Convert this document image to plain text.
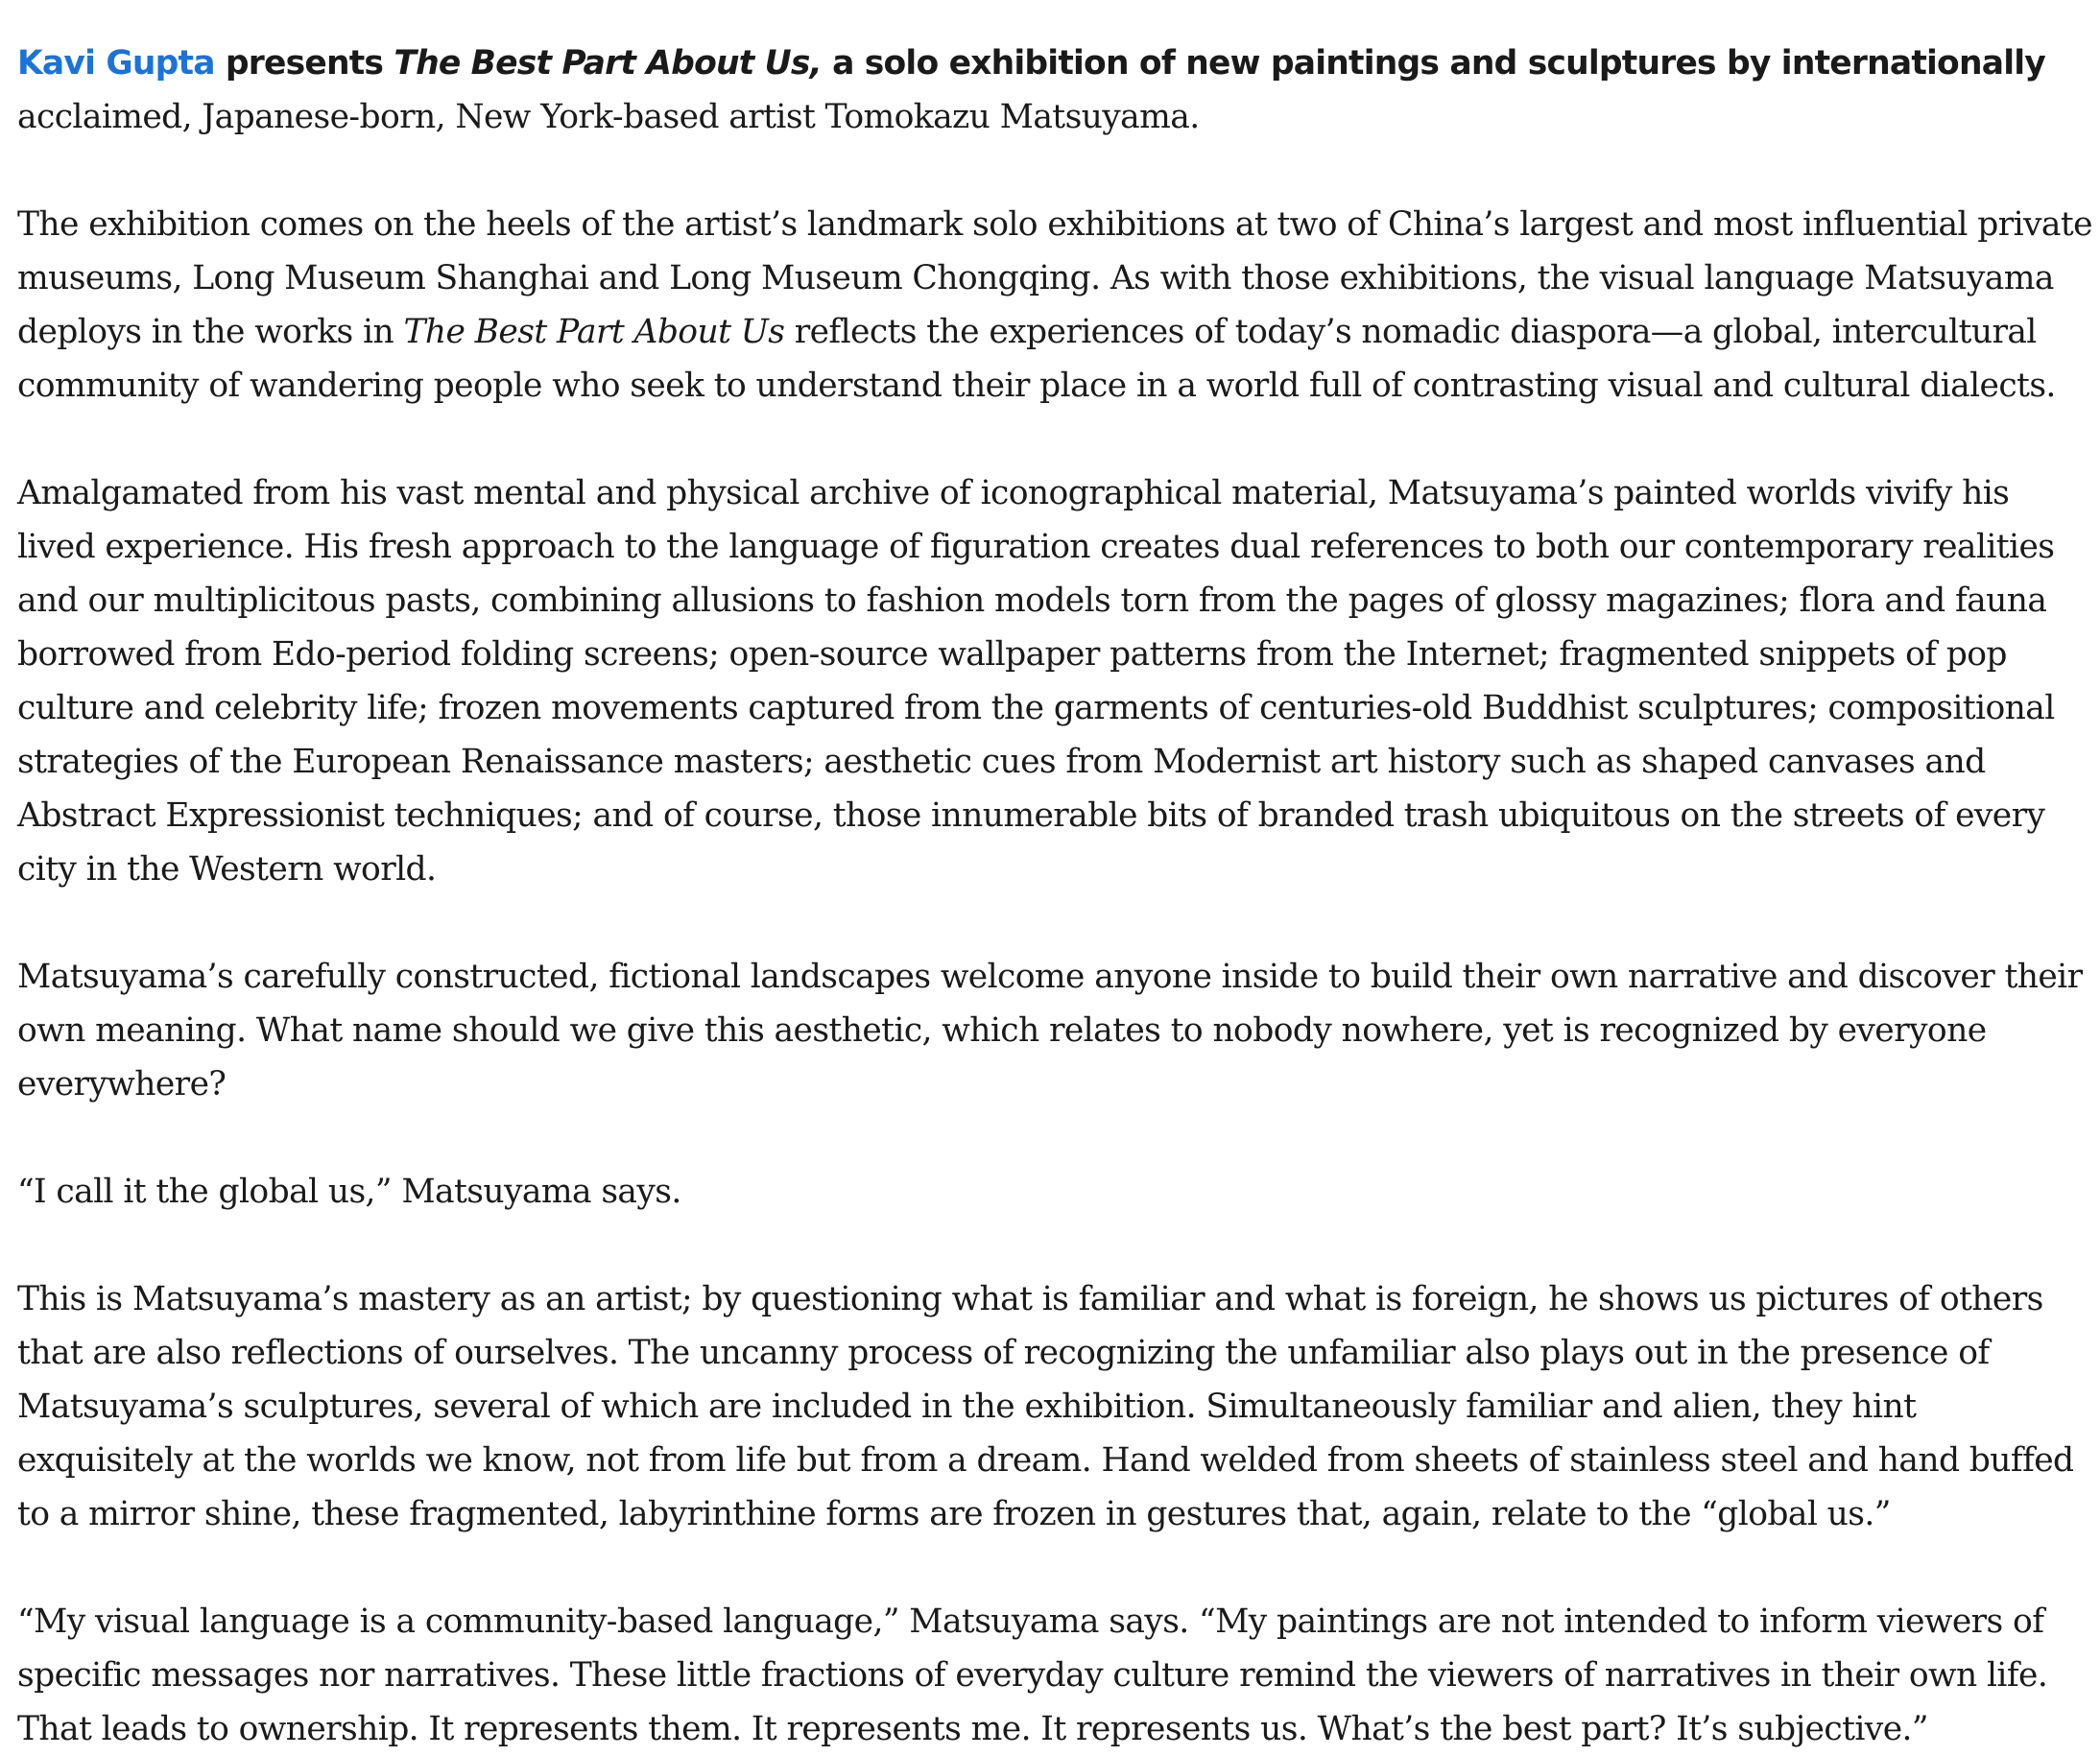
Kavi Gupta presents The Best Part About Us, a solo exhibition of new paintings and sculptures by internationally acclaimed, Japanese-born, New York-based artist Tomokazu Matsuyama.

The exhibition comes on the heels of the artist’s landmark solo exhibitions at two of China’s largest and most influential private museums, Long Museum Shanghai and Long Museum Chongqing. As with those exhibitions, the visual language Matsuyama deploys in the works in The Best Part About Us reflects the experiences of today’s nomadic diaspora—a global, intercultural community of wandering people who seek to understand their place in a world full of contrasting visual and cultural dialects.

Amalgamated from his vast mental and physical archive of iconographical material, Matsuyama’s painted worlds vivify his lived experience. His fresh approach to the language of figuration creates dual references to both our contemporary realities and our multiplicitous pasts, combining allusions to fashion models torn from the pages of glossy magazines; flora and fauna borrowed from Edo-period folding screens; open-source wallpaper patterns from the Internet; fragmented snippets of pop culture and celebrity life; frozen movements captured from the garments of centuries-old Buddhist sculptures; compositional strategies of the European Renaissance masters; aesthetic cues from Modernist art history such as shaped canvases and Abstract Expressionist techniques; and of course, those innumerable bits of branded trash ubiquitous on the streets of every city in the Western world.

Matsuyama’s carefully constructed, fictional landscapes welcome anyone inside to build their own narrative and discover their own meaning. What name should we give this aesthetic, which relates to nobody nowhere, yet is recognized by everyone everywhere?

“I call it the global us,” Matsuyama says.

This is Matsuyama’s mastery as an artist; by questioning what is familiar and what is foreign, he shows us pictures of others that are also reflections of ourselves. The uncanny process of recognizing the unfamiliar also plays out in the presence of Matsuyama’s sculptures, several of which are included in the exhibition. Simultaneously familiar and alien, they hint exquisitely at the worlds we know, not from life but from a dream. Hand welded from sheets of stainless steel and hand buffed to a mirror shine, these fragmented, labyrinthine forms are frozen in gestures that, again, relate to the “global us.”

“My visual language is a community-based language,” Matsuyama says. “My paintings are not intended to inform viewers of specific messages nor narratives. These little fractions of everyday culture remind the viewers of narratives in their own life. That leads to ownership. It represents them. It represents me. It represents us. What’s the best part? It’s subjective.”
